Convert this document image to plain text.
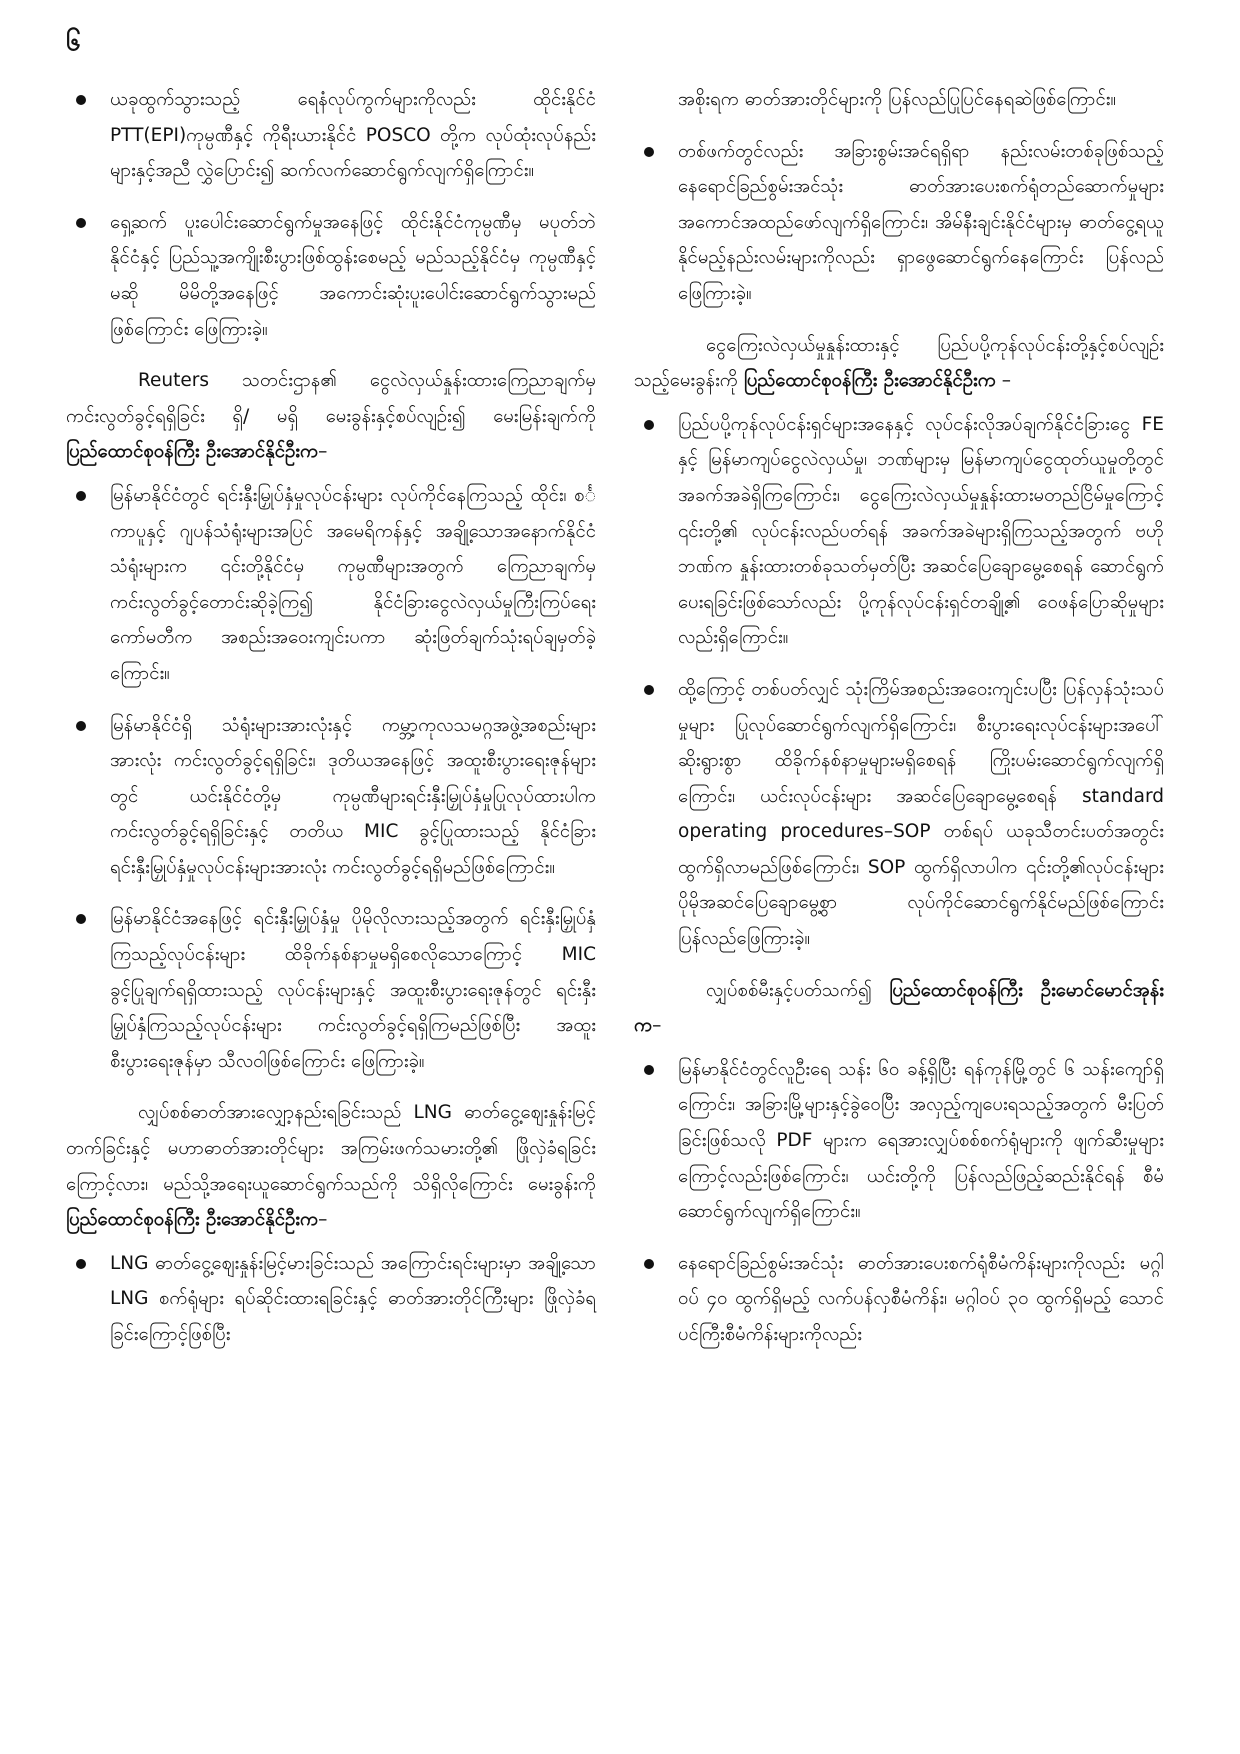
၆

ယခုထွက်သွားသည့် ရေနံလုပ်ကွက်များကိုလည်း ထိုင်းနိုင်ငံ PTT(EPI)ကုမ္ပဏီနှင့် ကိုရီးယားနိုင်ငံ POSCO တို့က လုပ်ထုံးလုပ်နည်းများနှင့်အညီ လွှဲပြောင်း၍ ဆက်လက်ဆောင်ရွက်လျက်ရှိကြောင်း။

ရှေ့ဆက် ပူးပေါင်းဆောင်ရွက်မှုအနေဖြင့် ထိုင်းနိုင်ငံကုမ္ပဏီမှ မပုတ်ဘဲ နိုင်ငံနှင့် ပြည်သူ့အကျိုးစီးပွားဖြစ်ထွန်းစေမည့် မည်သည့်နိုင်ငံမှ ကုမ္ပဏီနှင့်မဆို မိမိတို့အနေဖြင့် အကောင်းဆုံးပူးပေါင်းဆောင်ရွက်သွားမည်ဖြစ်ကြောင်း ဖြေကြားခဲ့။

Reuters သတင်းဌာန၏ ငွေလဲလှယ်နှုန်းထားကြေညာချက်မှ ကင်းလွတ်ခွင့်ရရှိခြင်း ရှိ/ မရှိ မေးခွန်းနှင့်စပ်လျဉ်း၍ မေးမြန်းချက်ကို ပြည်ထောင်စုဝန်ကြီး ဦးအောင်နိုင်ဦးက–

မြန်မာနိုင်ငံတွင် ရင်းနှီးမြှုပ်နှံမှုလုပ်ငန်းများ လုပ်ကိုင်နေကြသည့် ထိုင်း၊ စင်္ကာပူနှင့် ဂျပန်သံရုံးများအပြင် အမေရိကန်နှင့် အချို့သောအနောက်နိုင်ငံသံရုံးများက ၎င်းတို့နိုင်ငံမှ ကုမ္ပဏီများအတွက် ကြေညာချက်မှ ကင်းလွတ်ခွင့်တောင်းဆိုခဲ့ကြ၍ နိုင်ငံခြားငွေလဲလှယ်မှုကြီးကြပ်ရေးကော်မတီက အစည်းအဝေးကျင်းပကာ ဆုံးဖြတ်ချက်သုံးရပ်ချမှတ်ခဲ့ကြောင်း။

မြန်မာနိုင်ငံရှိ သံရုံးများအားလုံးနှင့် ကမ္ဘာ့ကုလသမဂ္ဂအဖွဲ့အစည်းများအားလုံး ကင်းလွတ်ခွင့်ရရှိခြင်း၊ ဒုတိယအနေဖြင့် အထူးစီးပွားရေးဇုန်များတွင် ယင်းနိုင်ငံတို့မှ ကုမ္ပဏီများရင်းနှီးမြှုပ်နှံမှုပြုလုပ်ထားပါက ကင်းလွတ်ခွင့်ရရှိခြင်းနှင့် တတိယ MIC ခွင့်ပြုထားသည့် နိုင်ငံခြားရင်းနှီးမြှုပ်နှံမှုလုပ်ငန်းများအားလုံး ကင်းလွတ်ခွင့်ရရှိမည်ဖြစ်ကြောင်း။

မြန်မာနိုင်ငံအနေဖြင့် ရင်းနှီးမြှုပ်နှံမှု ပိုမိုလိုလားသည့်အတွက် ရင်းနှီးမြှုပ်နှံကြသည့်လုပ်ငန်းများ ထိခိုက်နစ်နာမှုမရှိစေလိုသောကြောင့် MIC ခွင့်ပြုချက်ရရှိထားသည့် လုပ်ငန်းများနှင့် အထူးစီးပွားရေးဇုန်တွင် ရင်းနှီးမြှုပ်နှံကြသည့်လုပ်ငန်းများ ကင်းလွတ်ခွင့်ရရှိကြမည်ဖြစ်ပြီး အထူးစီးပွားရေးဇုန်မှာ သီလဝါဖြစ်ကြောင်း ဖြေကြားခဲ့။

လျှပ်စစ်ဓာတ်အားလျှော့နည်းရခြင်းသည် LNG ဓာတ်ငွေ့ဈေးနှုန်းမြင့်တက်ခြင်းနှင့် မဟာဓာတ်အားတိုင်များ အကြမ်းဖက်သမားတို့၏ ဖြိုလှဲခံရခြင်းကြောင့်လား၊ မည်သို့အရေးယူဆောင်ရွက်သည်ကို သိရှိလိုကြောင်း မေးခွန်းကို ပြည်ထောင်စုဝန်ကြီး ဦးအောင်နိုင်ဦးက–

LNG ဓာတ်ငွေ့ဈေးနှုန်းမြင့်မားခြင်းသည် အကြောင်းရင်းများမှာ အချို့သော LNG စက်ရုံများ ရပ်ဆိုင်းထားရခြင်းနှင့် ဓာတ်အားတိုင်ကြီးများ ဖြိုလှဲခံရခြင်းကြောင့်ဖြစ်ပြီး

အစိုးရက ဓာတ်အားတိုင်များကို ပြန်လည်ပြုပြင်နေရဆဲဖြစ်ကြောင်း။

တစ်ဖက်တွင်လည်း အခြားစွမ်းအင်ရရှိရာ နည်းလမ်းတစ်ခုဖြစ်သည့် နေရောင်ခြည်စွမ်းအင်သုံး ဓာတ်အားပေးစက်ရုံတည်ဆောက်မှုများ အကောင်အထည်ဖော်လျက်ရှိကြောင်း၊ အိမ်နီးချင်းနိုင်ငံများမှ ဓာတ်ငွေ့ရယူနိုင်မည့်နည်းလမ်းများကိုလည်း ရှာဖွေဆောင်ရွက်နေကြောင်း ပြန်လည်ဖြေကြားခဲ့။

ငွေကြေးလဲလှယ်မှုနှုန်းထားနှင့် ပြည်ပပို့ကုန်လုပ်ငန်းတို့နှင့်စပ်လျဉ်းသည့်မေးခွန်းကို ပြည်ထောင်စုဝန်ကြီး ဦးအောင်နိုင်ဦးက –

ပြည်ပပို့ကုန်လုပ်ငန်းရှင်များအနေနှင့် လုပ်ငန်းလိုအပ်ချက်နိုင်ငံခြားငွေ FE နှင့် မြန်မာကျပ်ငွေလဲလှယ်မှု၊ ဘဏ်များမှ မြန်မာကျပ်ငွေထုတ်ယူမှုတို့တွင် အခက်အခဲရှိကြကြောင်း၊ ငွေကြေးလဲလှယ်မှုနှုန်းထားမတည်ငြိမ်မှုကြောင့် ၎င်းတို့၏ လုပ်ငန်းလည်ပတ်ရန် အခက်အခဲများရှိကြသည့်အတွက် ဗဟိုဘဏ်က နှုန်းထားတစ်ခုသတ်မှတ်ပြီး အဆင်ပြေချောမွေ့စေရန် ဆောင်ရွက်ပေးရခြင်းဖြစ်သော်လည်း ပို့ကုန်လုပ်ငန်းရှင်တချို့၏ ဝေဖန်ပြောဆိုမှုများလည်းရှိကြောင်း။

ထို့ကြောင့် တစ်ပတ်လျှင် သုံးကြိမ်အစည်းအဝေးကျင်းပပြီး ပြန်လှန်သုံးသပ်မှုများ ပြုလုပ်ဆောင်ရွက်လျက်ရှိကြောင်း၊ စီးပွားရေးလုပ်ငန်းများအပေါ် ဆိုးရွားစွာ ထိခိုက်နစ်နာမှုများမရှိစေရန် ကြိုးပမ်းဆောင်ရွက်လျက်ရှိကြောင်း၊ ယင်းလုပ်ငန်းများ အဆင်ပြေချောမွေ့စေရန် standard operating procedures–SOP တစ်ရပ် ယခုသီတင်းပတ်အတွင်း ထွက်ရှိလာမည်ဖြစ်ကြောင်း၊ SOP ထွက်ရှိလာပါက ၎င်းတို့၏လုပ်ငန်းများ ပိုမိုအဆင်ပြေချောမွေ့စွာ လုပ်ကိုင်ဆောင်ရွက်နိုင်မည်ဖြစ်ကြောင်း ပြန်လည်ဖြေကြားခဲ့။

လျှပ်စစ်မီးနှင့်ပတ်သက်၍ ပြည်ထောင်စုဝန်ကြီး ဦးမောင်မောင်အုန်းက–

မြန်မာနိုင်ငံတွင်လူဦးရေ သန်း ၆၀ ခန့်ရှိပြီး ရန်ကုန်မြို့တွင် ၆ သန်းကျော်ရှိကြောင်း၊ အခြားမြို့များနှင့်ခွဲဝေပြီး အလှည့်ကျပေးရသည့်အတွက် မီးပြတ်ခြင်းဖြစ်သလို PDF များက ရေအားလျှပ်စစ်စက်ရုံများကို ဖျက်ဆီးမှုများကြောင့်လည်းဖြစ်ကြောင်း၊ ယင်းတို့ကို ပြန်လည်ဖြည့်ဆည်းနိုင်ရန် စီမံဆောင်ရွက်လျက်ရှိကြောင်း။

နေရောင်ခြည်စွမ်းအင်သုံး ဓာတ်အားပေးစက်ရုံစီမံကိန်းများကိုလည်း မဂ္ဂါဝပ် ၄၀ ထွက်ရှိမည့် လက်ပန်လှစီမံကိန်း၊ မဂ္ဂါဝပ် ၃၀ ထွက်ရှိမည့် သောင်ပင်ကြီးစီမံကိန်းများကိုလည်း
